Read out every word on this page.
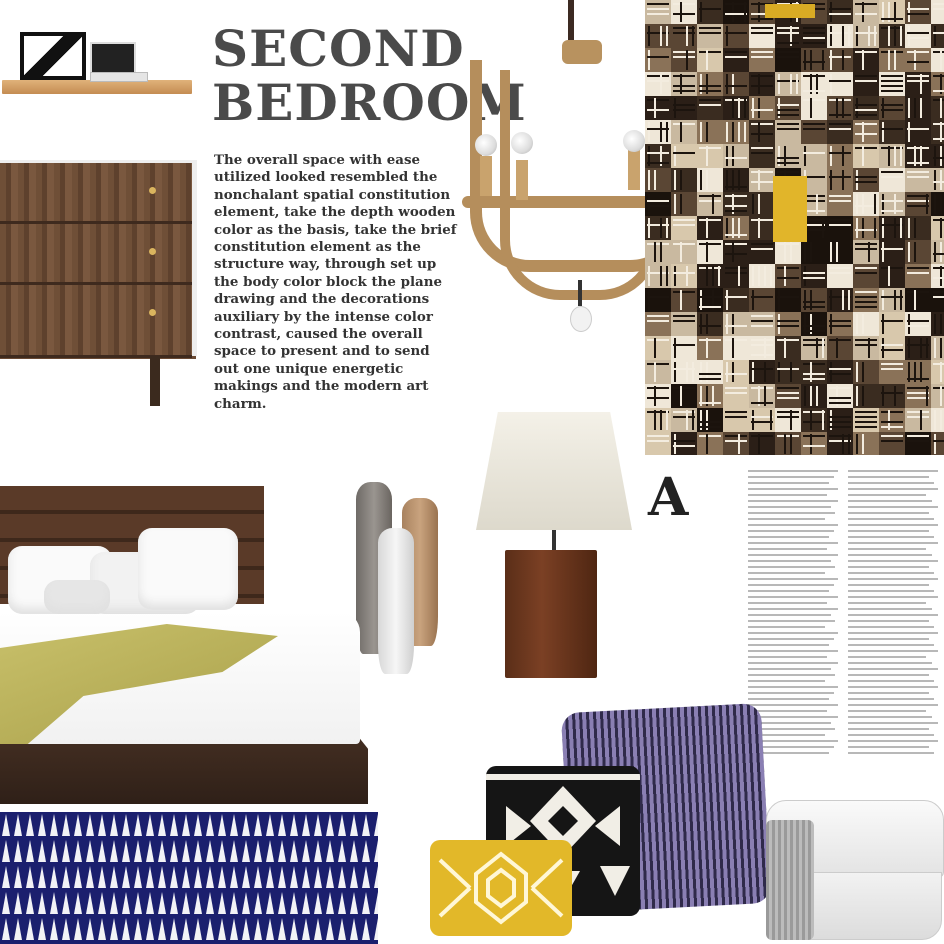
SECOND
BEDROOM
The overall space with ease utilized looked resembled the nonchalant spatial constitution element, take the depth wooden color as the basis, take the brief constitution element as the structure way, through set up the body color block the plane drawing and the decorations auxiliary by the intense color contrast, caused the overall space to present and to send out one unique energetic makings and the modern art charm.
A
